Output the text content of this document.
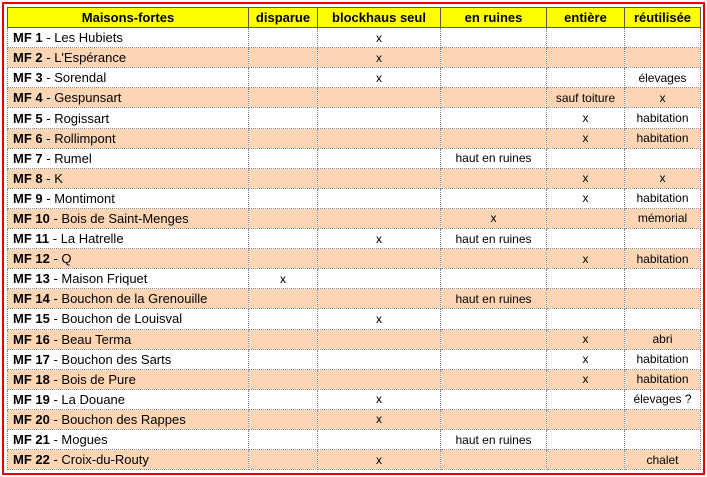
Maisons-fortes	disparue	blockhaus seul	en ruines	entière	réutilisée
MF 1 - Les Hubiets		x			
MF 2 - L'Espérance		x			
MF 3 - Sorendal		x			élevages
MF 4 - Gespunsart				sauf toiture	x
MF 5 - Rogissart				x	habitation
MF 6 - Rollimpont				x	habitation
MF 7 - Rumel			haut en ruines		
MF 8 - K				x	x
MF 9 - Montimont				x	habitation
MF 10 - Bois de Saint-Menges			x		mémorial
MF 11 - La Hatrelle		x	haut en ruines		
MF 12 - Q				x	habitation
MF 13 - Maison Friquet	x				
MF 14 - Bouchon de la Grenouille			haut en ruines		
MF 15 - Bouchon de Louisval		x			
MF 16 - Beau Terma				x	abri
MF 17 - Bouchon des Sarts				x	habitation
MF 18 - Bois de Pure				x	habitation
MF 19 - La Douane		x			élevages ?
MF 20 - Bouchon des Rappes		x			
MF 21 - Mogues			haut en ruines		
MF 22 - Croix-du-Routy		x			chalet
